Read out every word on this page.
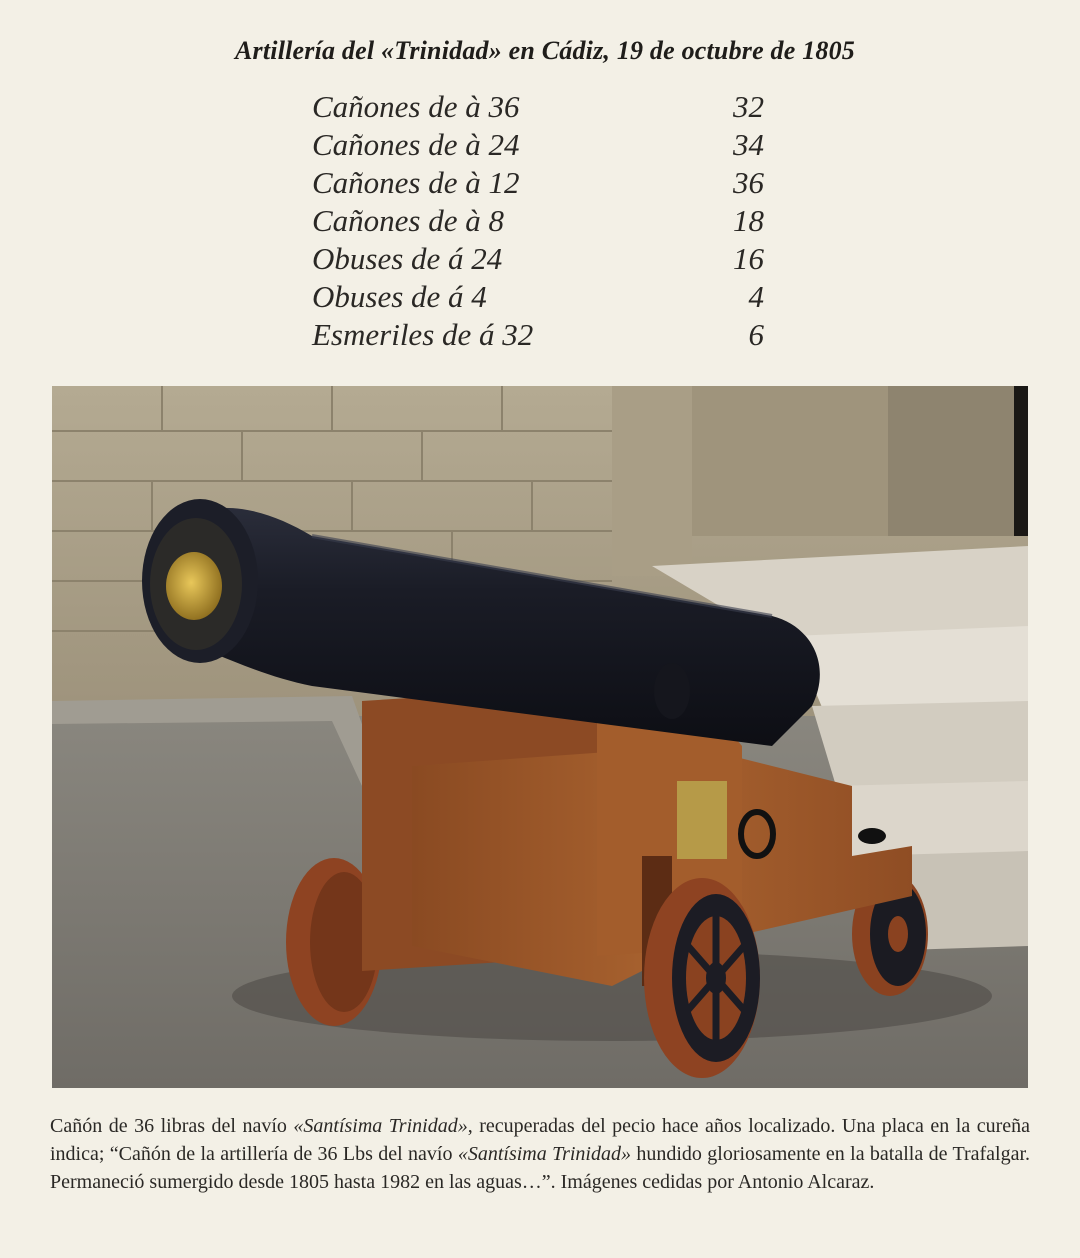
Artillería del «Trinidad» en Cádiz, 19 de octubre de 1805
Cañones de à 36	32
Cañones de à 24	34
Cañones de à 12	36
Cañones de à 8	18
Obuses de á 24	16
Obuses de á 4	4
Esmeriles de á 32	6
Cañón de 36 libras del navío «Santísima Trinidad», recuperadas del pecio hace años localizado. Una placa en la cureña indica; “Cañón de la artillería de 36 Lbs del navío «Santísima Trinidad» hundido gloriosamente en la batalla de Trafalgar. Permaneció sumergido desde 1805 hasta 1982 en las aguas…”. Imágenes cedidas por Antonio Alcaraz.
